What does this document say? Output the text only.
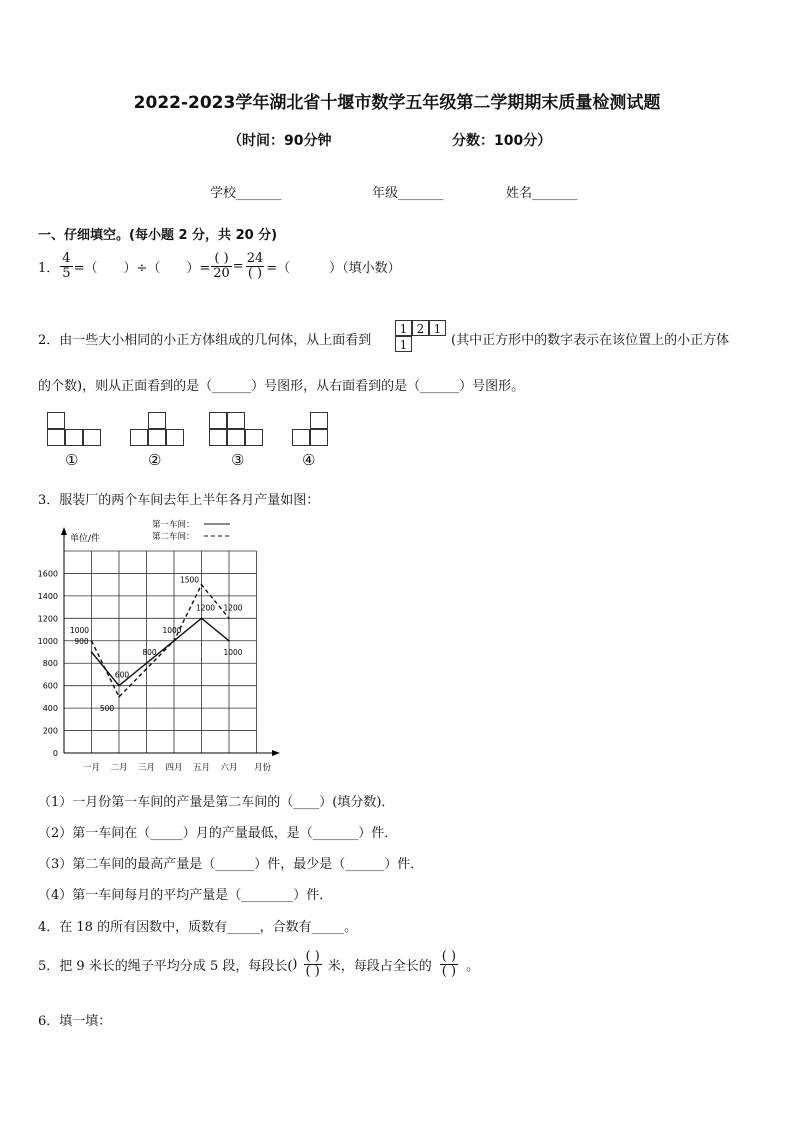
2022-2023学年湖北省十堰市数学五年级第二学期期末质量检测试题
（时间：90分钟	分数：100分）
学校_______	年级_______	姓名_______
一、仔细填空。(每小题 2 分，共 20 分)
1． $\frac{4}{5}$ =（　　）÷（　　）= $\frac{( )}{20} = \frac{24}{( )}$ =（　　　）（填小数）
2．由一些大小相同的小正方体组成的几何体，从上面看到
1 2 1
1	(其中正方形中的数字表示在该位置上的小正方体
的个数)，则从正面看到的是（______）号图形，从右面看到的是（______）号图形。
①	②	③	④
3．服装厂的两个车间去年上半年各月产量如图：
单位/件
0
200
400
600
800
1000
1200
1400
1600
一月 二月 三月 四月 五月 六月 月份
900
600
800
1000
1200
1000
1000
500
1500
1200
第一车间：
第二车间：
（1）一月份第一车间的产量是第二车间的（____）(填分数)．
（2）第一车间在（_____）月的产量最低，是（_______）件．
（3）第二车间的最高产量是（______）件，最少是（______）件．
（4）第一车间每月的平均产量是（________）件．
4．在 18 的所有因数中，质数有_____，合数有_____。
5．把 9 米长的绳子平均分成 5 段，每段长( ) $\frac{( )}{( )}$ 米，每段占全长的 $\frac{( )}{( )}$ 。
6．填一填：
